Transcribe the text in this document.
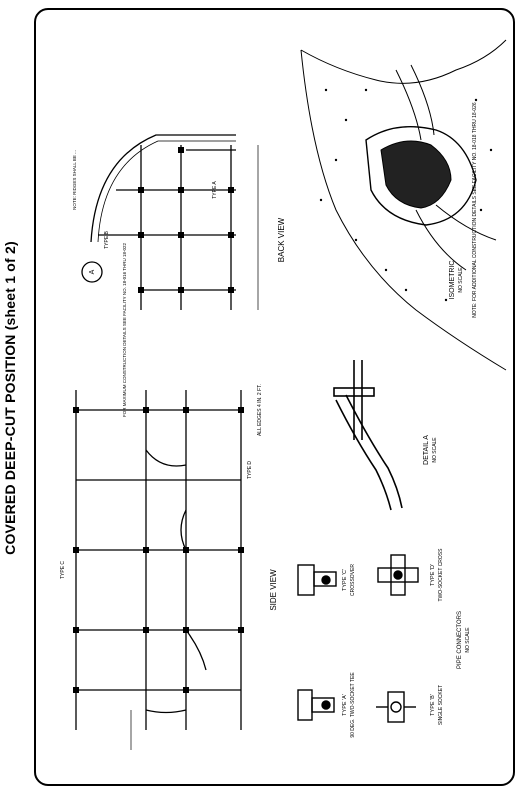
COVERED DEEP-CUT POSITION (sheet 1 of 2)
BACK VIEW
TYPE B
TYPE A
NOTE: RIDGES SHALL BE ...
FOR MAXIMUM CONSTRUCTION DETAILS SEE FACILITY NO. 18-016 THRU 18-022	ISOMETRIC NO SCALE NOTE: FOR ADDITIONAL CONSTRUCTION DETAILS SEE FACILITY NO. 18-018 THRU 18-026
SIDE VIEW
ALL EDGES 4 IN. 2 FT.
TYPE C
TYPE D
DETAIL A NO SCALE
A
TYPE 'A' 90 DEG. TWO-SOCKET TEE	TYPE 'B' SINGLE SOCKET
TYPE 'C' CROSSOVER	TYPE 'D' TWO-SOCKET CROSS
PIPE CONNECTORS NO SCALE
